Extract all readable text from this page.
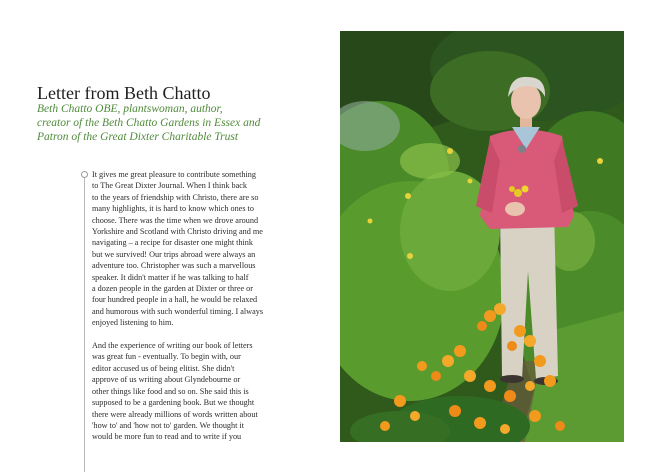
Letter from Beth Chatto
Beth Chatto OBE, plantswoman, author,
creator of the Beth Chatto Gardens in Essex and
Patron of the Great Dixter Charitable Trust
It gives me great pleasure to contribute something
to The Great Dixter Journal. When I think back
to the years of friendship with Christo, there are so
many highlights, it is hard to know which ones to
choose. There was the time when we drove around
Yorkshire and Scotland with Christo driving and me
navigating – a recipe for disaster one might think
but we survived! Our trips abroad were always an
adventure too. Christopher was such a marvellous
speaker. It didn't matter if he was talking to half
a dozen people in the garden at Dixter or three or
four hundred people in a hall, he would be relaxed
and humorous with such wonderful timing. I always
enjoyed listening to him.
And the experience of writing our book of letters
was great fun - eventually. To begin with, our
editor accused us of being elitist. She didn't
approve of us writing about Glyndebourne or
other things like food and so on. She said this is
supposed to be a gardening book. But we thought
there were already millions of words written about
'how to' and 'how not to' garden. We thought it
would be more fun to read and to write if you
